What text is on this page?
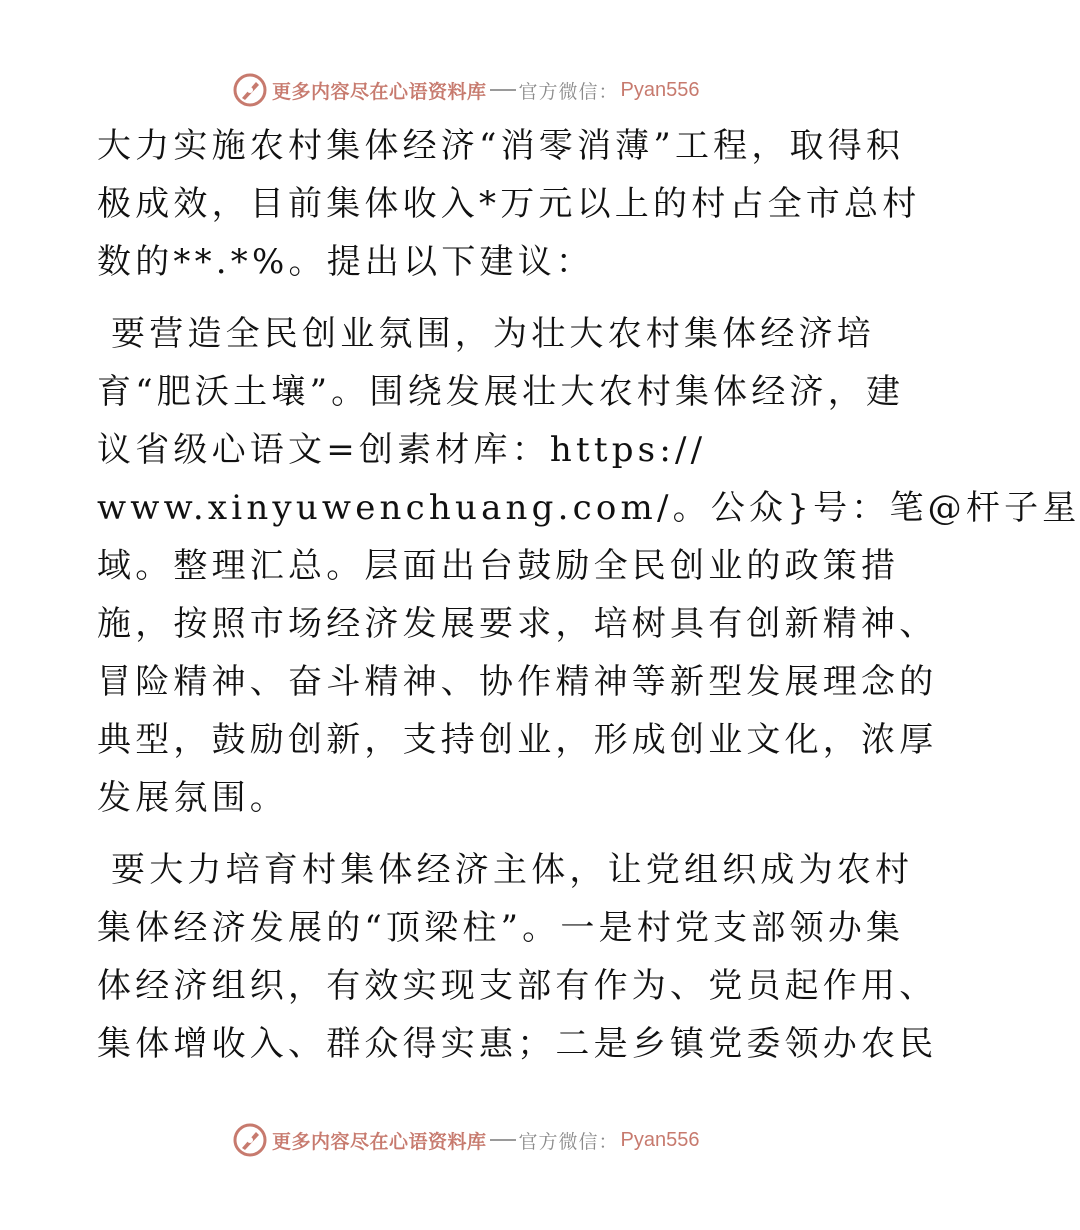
更多内容尽在心语资料库 官方微信： Pyan556
大力实施农村集体经济“消零消薄”工程，取得积
极成效，目前集体收入*万元以上的村占全市总村
数的**.*%。提出以下建议：
要营造全民创业氛围，为壮大农村集体经济培
育“肥沃土壤”。围绕发展壮大农村集体经济，建
议省级心语文=创素材库：https://
www.xinyuwenchuang.com/。公众}号：笔@杆子星
域。整理汇总。层面出台鼓励全民创业的政策措
施，按照市场经济发展要求，培树具有创新精神、
冒险精神、奋斗精神、协作精神等新型发展理念的
典型，鼓励创新，支持创业，形成创业文化，浓厚
发展氛围。
要大力培育村集体经济主体，让党组织成为农村
集体经济发展的“顶梁柱”。一是村党支部领办集
体经济组织，有效实现支部有作为、党员起作用、
集体增收入、群众得实惠；二是乡镇党委领办农民
更多内容尽在心语资料库 官方微信： Pyan556
